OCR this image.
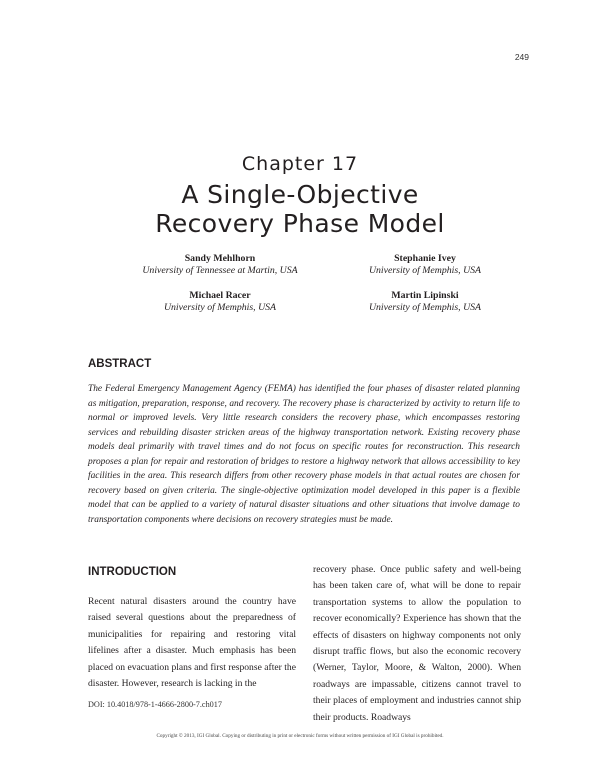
249
Chapter 17
A Single-Objective
Recovery Phase Model
Sandy Mehlhorn
University of Tennessee at Martin, USA
Stephanie Ivey
University of Memphis, USA
Michael Racer
University of Memphis, USA
Martin Lipinski
University of Memphis, USA
ABSTRACT
The Federal Emergency Management Agency (FEMA) has identified the four phases of disaster related planning as mitigation, preparation, response, and recovery. The recovery phase is characterized by activity to return life to normal or improved levels. Very little research considers the recovery phase, which encompasses restoring services and rebuilding disaster stricken areas of the highway transportation network. Existing recovery phase models deal primarily with travel times and do not focus on specific routes for reconstruction. This research proposes a plan for repair and restoration of bridges to restore a highway network that allows accessibility to key facilities in the area. This research differs from other recovery phase models in that actual routes are chosen for recovery based on given criteria. The single-objective optimization model developed in this paper is a flexible model that can be applied to a variety of natural disaster situations and other situations that involve damage to transportation components where decisions on recovery strategies must be made.
INTRODUCTION
Recent natural disasters around the country have raised several questions about the preparedness of municipalities for repairing and restoring vital lifelines after a disaster. Much emphasis has been placed on evacuation plans and first response after the disaster. However, research is lacking in the
recovery phase. Once public safety and well-being has been taken care of, what will be done to repair transportation systems to allow the population to recover economically? Experience has shown that the effects of disasters on highway components not only disrupt traffic flows, but also the economic recovery (Werner, Taylor, Moore, & Walton, 2000). When roadways are impassable, citizens cannot travel to their places of employment and industries cannot ship their products. Roadways
DOI: 10.4018/978-1-4666-2800-7.ch017
Copyright © 2013, IGI Global. Copying or distributing in print or electronic forms without written permission of IGI Global is prohibited.
